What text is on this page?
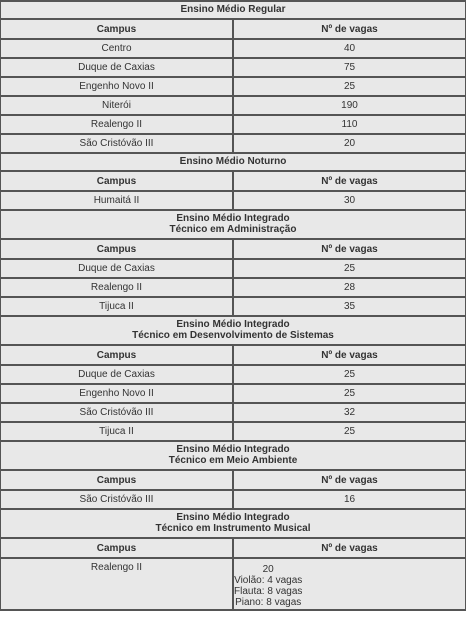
Ensino Médio Regular
Campus	Nº de vagas
Centro	40
Duque de Caxias	75
Engenho Novo II	25
Niterói	190
Realengo II	110
São Cristóvão III	20
Ensino Médio Noturno
Campus	Nº de vagas
Humaitá II	30
Ensino Médio Integrado
Técnico em Administração
Campus	Nº de vagas
Duque de Caxias	25
Realengo II	28
Tijuca II	35
Ensino Médio Integrado
Técnico em Desenvolvimento de Sistemas
Campus	Nº de vagas
Duque de Caxias	25
Engenho Novo II	25
São Cristóvão III	32
Tijuca II	25
Ensino Médio Integrado
Técnico em Meio Ambiente
Campus	Nº de vagas
São Cristóvão III	16
Ensino Médio Integrado
Técnico em Instrumento Musical
Campus	Nº de vagas
Realengo II	20
Violão: 4 vagas
Flauta: 8 vagas
Piano: 8 vagas
